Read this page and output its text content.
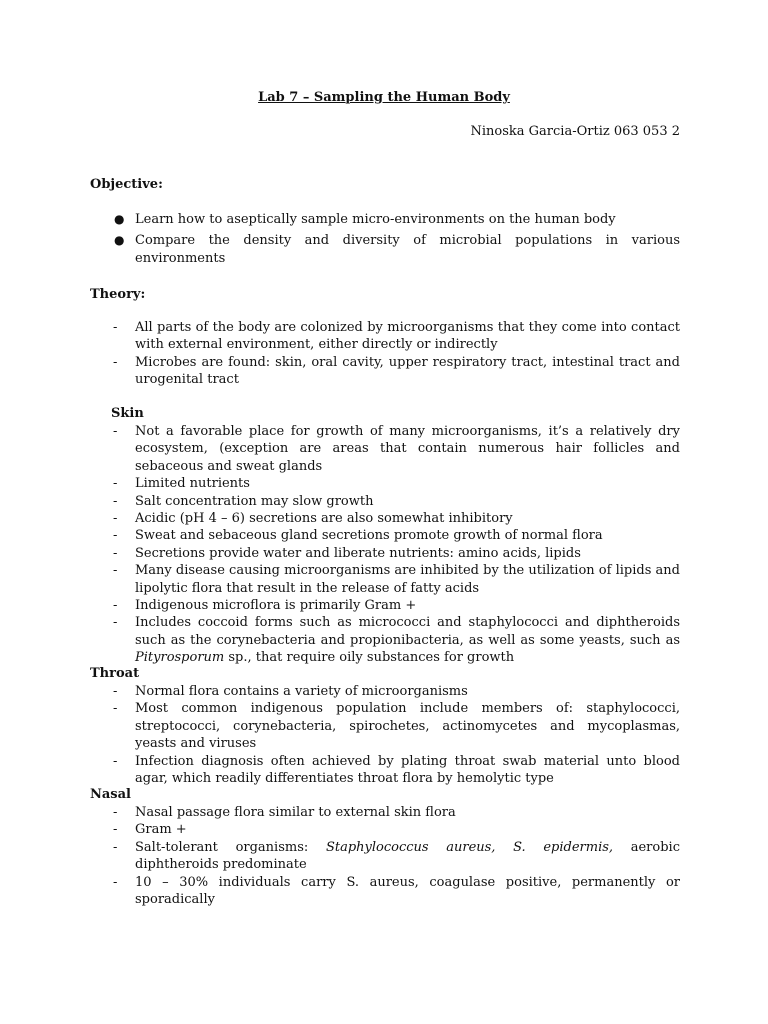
Lab 7 – Sampling the Human Body
Ninoska Garcia-Ortiz 063 053 2
Objective:
● Learn how to aseptically sample micro-environments on the human body
● Compare the density and diversity of microbial populations in various environments
Theory:
- All parts of the body are colonized by microorganisms that they come into contact with external environment, either directly or indirectly
- Microbes are found: skin, oral cavity, upper respiratory tract, intestinal tract and urogenital tract
Skin
- Not a favorable place for growth of many microorganisms, it’s a relatively dry ecosystem, (exception are areas that contain numerous hair follicles and sebaceous and sweat glands
- Limited nutrients
- Salt concentration may slow growth
- Acidic (pH 4 – 6) secretions are also somewhat inhibitory
- Sweat and sebaceous gland secretions promote growth of normal flora
- Secretions provide water and liberate nutrients: amino acids, lipids
- Many disease causing microorganisms are inhibited by the utilization of lipids and lipolytic flora that result in the release of fatty acids
- Indigenous microflora is primarily Gram +
- Includes coccoid forms such as micrococci and staphylococci and diphtheroids such as the corynebacteria and propionibacteria, as well as some yeasts, such as Pityrosporum sp., that require oily substances for growth
Throat
- Normal flora contains a variety of microorganisms
- Most common indigenous population include members of: staphylococci, streptococci, corynebacteria, spirochetes, actinomycetes and mycoplasmas, yeasts and viruses
- Infection diagnosis often achieved by plating throat swab material unto blood agar, which readily differentiates throat flora by hemolytic type
Nasal
- Nasal passage flora similar to external skin flora
- Gram +
- Salt-tolerant organisms: Staphylococcus aureus, S. epidermis, aerobic diphtheroids predominate
- 10 – 30% individuals carry S. aureus, coagulase positive, permanently or sporadically
